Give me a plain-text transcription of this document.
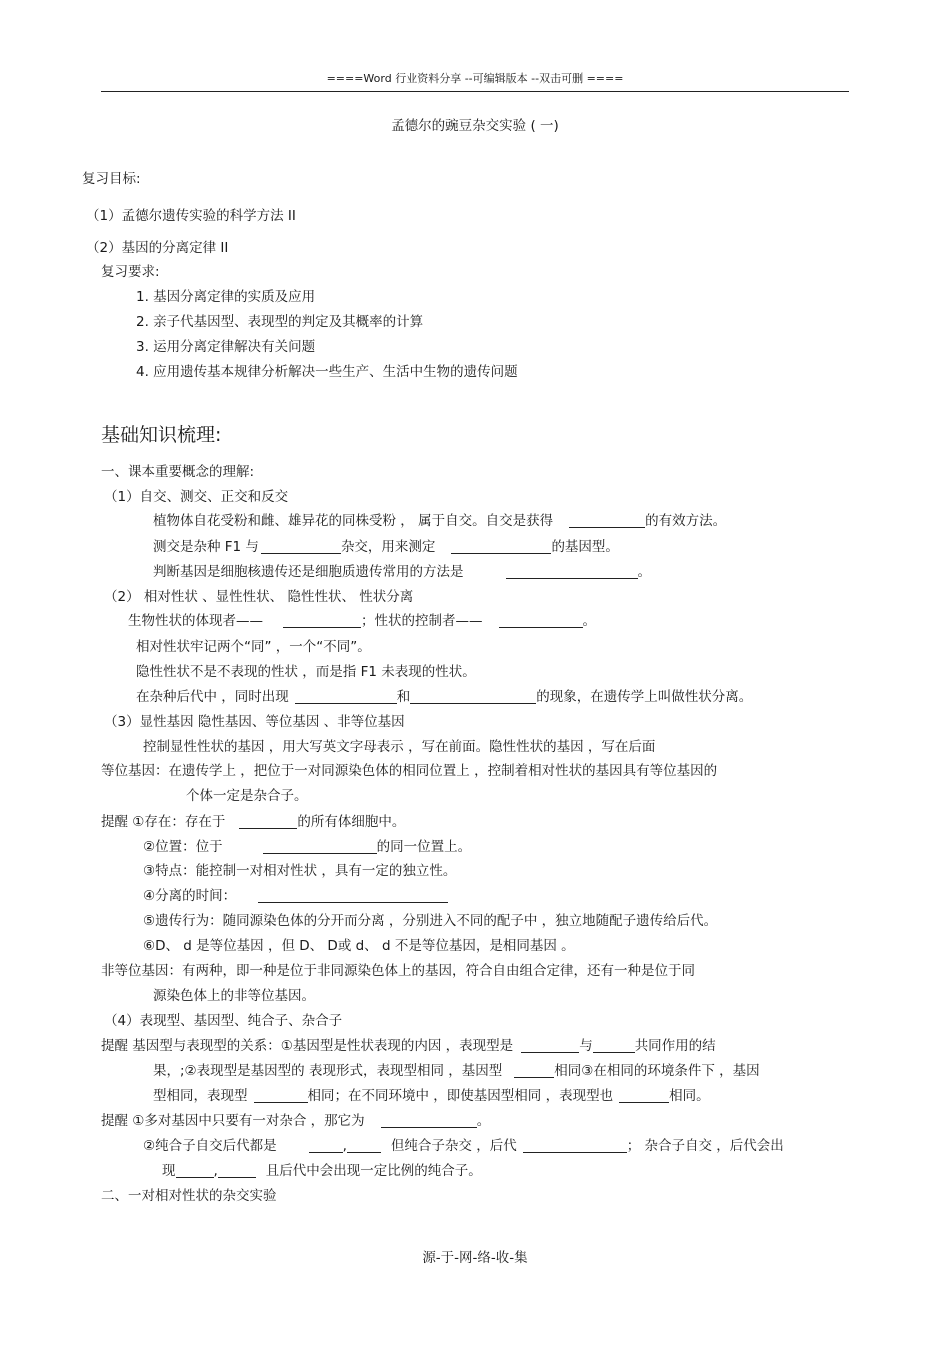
====Word 行业资料分享 --可编辑版本 --双击可删 ====
孟德尔的豌豆杂交实验 ( 一)
复习目标:
（1）孟德尔遗传实验的科学方法 II
（2）基因的分离定律 II
复习要求:
1. 基因分离定律的实质及应用
2. 亲子代基因型、表现型的判定及其概率的计算
3. 运用分离定律解决有关问题
4. 应用遗传基本规律分析解决一些生产、生活中生物的遗传问题
基础知识梳理:
一、课本重要概念的理解:
（1）自交、测交、正交和反交
植物体自花受粉和雌、雄异花的同株受粉 ， 属于自交。自交是获得	的有效方法。
测交是杂种 F1 与	杂交，用来测定	的基因型。
判断基因是细胞核遗传还是细胞质遗传常用的方法是	。
（2） 相对性状 、显性性状、 隐性性状、 性状分离
生物性状的体现者——	；性状的控制者——	。
相对性状牢记两个“同” ，一个“不同”。
隐性性状不是不表现的性状 ，而是指 F1 未表现的性状。
在杂种后代中 ，同时出现	和	的现象，在遗传学上叫做性状分离。
（3）显性基因 隐性基因、等位基因 、非等位基因
控制显性性状的基因 ，用大写英文字母表示 ，写在前面。隐性性状的基因 ，写在后面
等位基因：在遗传学上 ，把位于一对同源染色体的相同位置上 ，控制着相对性状的基因具有等位基因的
个体一定是杂合子。
提醒 ①存在：存在于	的所有体细胞中。
②位置：位于	的同一位置上。
③特点：能控制一对相对性状 ，具有一定的独立性。
④分离的时间：
⑤遗传行为：随同源染色体的分开而分离 ，分别进入不同的配子中 ，独立地随配子遗传给后代。
⑥D、 d 是等位基因 ，但 D、 D或 d、 d 不是等位基因，是相同基因 。
非等位基因：有两种，即一种是位于非同源染色体上的基因，符合自由组合定律，还有一种是位于同
源染色体上的非等位基因。
（4）表现型、基因型、纯合子、杂合子
提醒 基因型与表现型的关系：①基因型是性状表现的内因 ，表现型是	与	共同作用的结
果，;②表现型是基因型的 表现形式，表现型相同 ，基因型	相同③在相同的环境条件下 ，基因
型相同，表现型	相同；在不同环境中 ，即使基因型相同 ，表现型也	相同。
提醒 ①多对基因中只要有一对杂合 ，那它为	。
②纯合子自交后代都是	,	但纯合子杂交 ，后代	； 杂合子自交 ，后代会出
现	,	且后代中会出现一定比例的纯合子。
二、一对相对性状的杂交实验
源-于-网-络-收-集
